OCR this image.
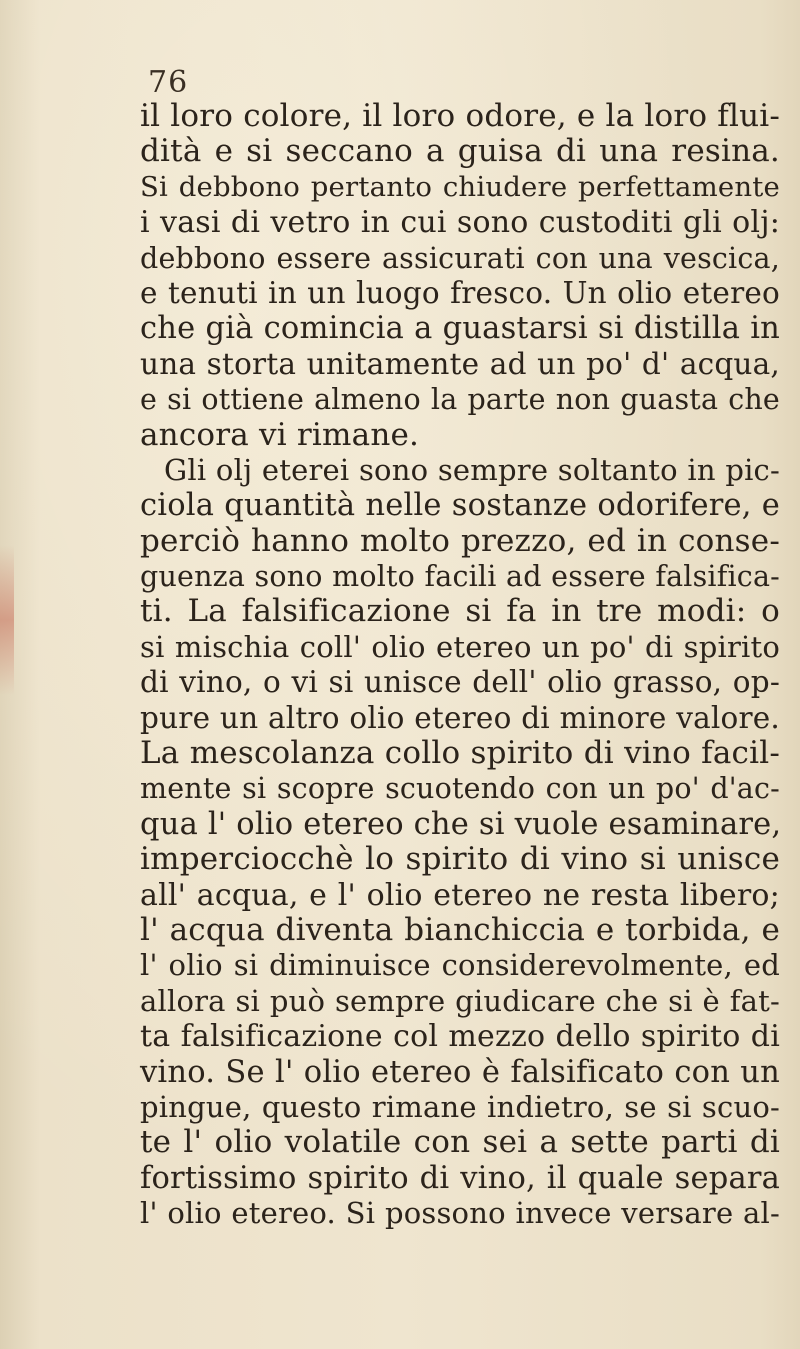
76
il loro colore, il loro odore, e la loro flui-
dità e si seccano a guisa di una resina.
Si debbono pertanto chiudere perfettamente
i vasi di vetro in cui sono custoditi gli olj:
debbono essere assicurati con una vescica,
e tenuti in un luogo fresco. Un olio etereo
che già comincia a guastarsi si distilla in
una storta unitamente ad un po' d' acqua,
e si ottiene almeno la parte non guasta che
ancora vi rimane.
Gli olj eterei sono sempre soltanto in pic-
ciola quantità nelle sostanze odorifere, e
perciò hanno molto prezzo, ed in conse-
guenza sono molto facili ad essere falsifica-
ti. La falsificazione si fa in tre modi: o
si mischia coll' olio etereo un po' di spirito
di vino, o vi si unisce dell' olio grasso, op-
pure un altro olio etereo di minore valore.
La mescolanza collo spirito di vino facil-
mente si scopre scuotendo con un po' d'ac-
qua l' olio etereo che si vuole esaminare,
imperciocchè lo spirito di vino si unisce
all' acqua, e l' olio etereo ne resta libero;
l' acqua diventa bianchiccia e torbida, e
l' olio si diminuisce considerevolmente, ed
allora si può sempre giudicare che si è fat-
ta falsificazione col mezzo dello spirito di
vino. Se l' olio etereo è falsificato con un
pingue, questo rimane indietro, se si scuo-
te l' olio volatile con sei a sette parti di
fortissimo spirito di vino, il quale separa
l' olio etereo. Si possono invece versare al-
